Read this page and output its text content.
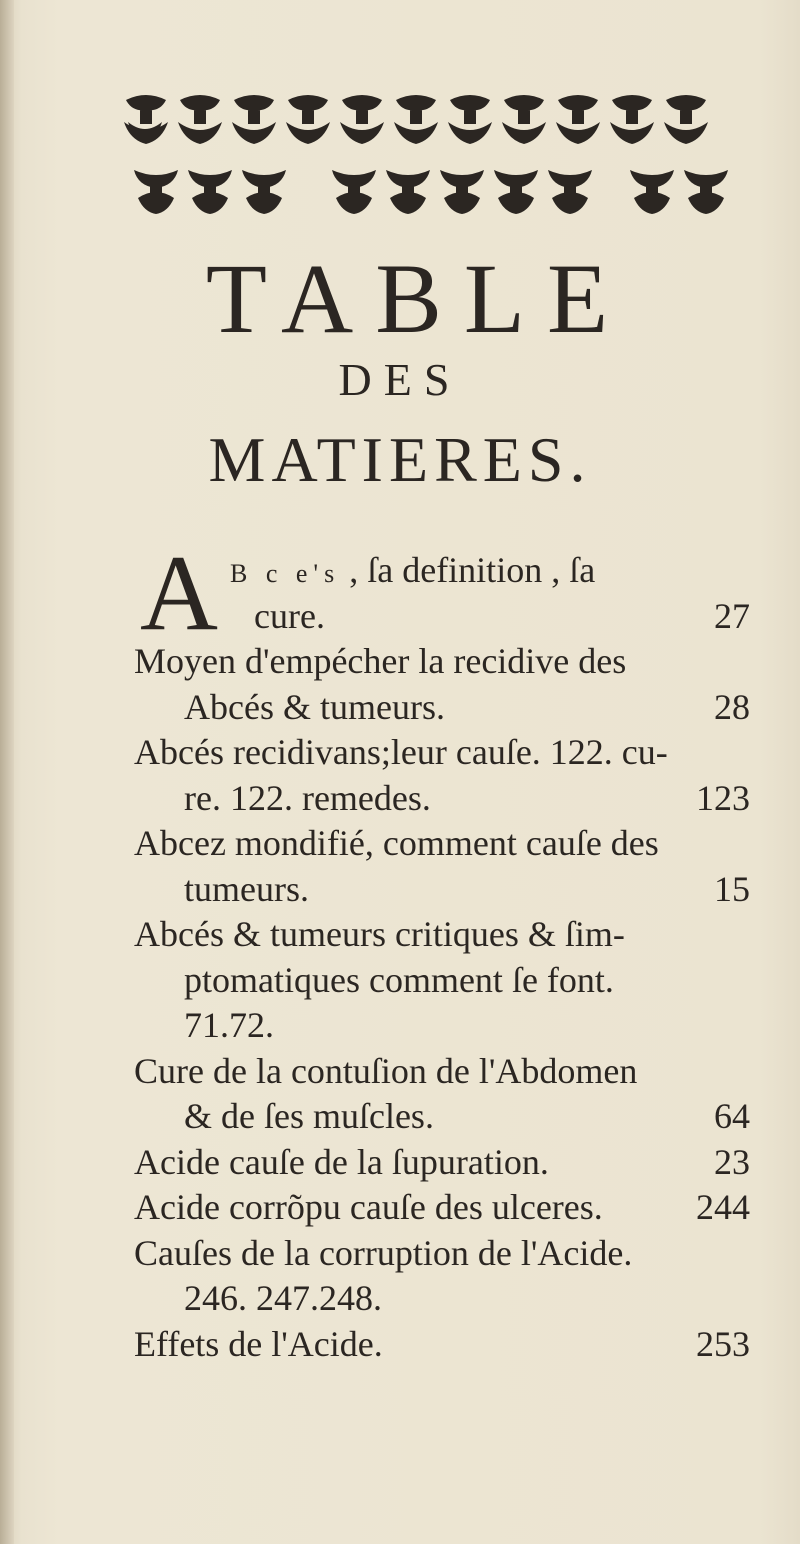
TABLE
DES
MATIERES.
A B c e's , ſa definition , ſa
cure.	27
Moyen d'empécher la recidive des
Abcés & tumeurs.	28
Abcés recidivans;leur cauſe. 122. cu-
re. 122. remedes.	123
Abcez mondifié, comment cauſe des
tumeurs.	15
Abcés & tumeurs critiques & ſim-
ptomatiques comment ſe font.
71.72.
Cure de la contuſion de l'Abdomen
& de ſes muſcles.	64
Acide cauſe de la ſupuration.	23
Acide corrõpu cauſe des ulceres.	244
Cauſes de la corruption de l'Acide.
246. 247.248.
Effets de l'Acide.	253
